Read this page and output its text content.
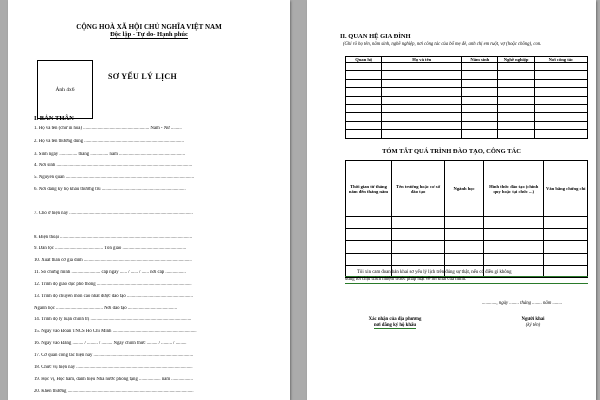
CỘNG HOÀ XÃ HỘI CHỦ NGHĨA VIỆT NAM
Độc lập - Tự do- Hạnh phúc
Ảnh 4x6
SƠ YẾU LÝ LỊCH
I. BẢN THÂN
1. Họ và tên (chữ in hoa) ....................................................... Nam - Nữ .........
2. Họ và tên thường dùng ...................................................................................
3. Sinh ngày ............... tháng ............... năm .......................................................
4. Nơi sinh .................................................................................................................
5. Nguyên quán ...........................................................................................................
6. Nơi đăng ký hộ khẩu thường trú ......................................................................
7. Chỗ ở hiện nay .......................................................................................................
8. Điện thoại ..............................................................................................................
9. Dân tộc ........................................ Tôn giáo .....................................................
10. Xuất thân cơ gia đình ..........................................................................................
11. Số chứng minh ........................ cấp ngày ...... / ...... / ...... nơi cấp .................
12. Trình độ giáo dục phổ thông ...............................................................................
13. Trình độ chuyên môn cao nhất được đào tạo .......................................................
Ngành học ....................................... Nơi đào tạo .........................................
14. Trình độ lý luận chính trị ....................................................................................
15. Ngày vào Đoàn TNCS Hồ Chí Minh ......................................................................
16. Ngày vào Đảng ......... / ......... / ......... Ngày chính thức ......... / ......... / .........
17. Cơ quan công tác hiện nay ...................................................................................
18. Chức vụ hiện nay .................................................................................................
19. Học vị, Học hàm, danh hiệu Nhà nước phong tặng .................. năm ..................
20. Khen thưởng .........................................................................................................
II. QUAN HỆ GIA ĐÌNH
(Ghi rõ họ tên, năm sinh, nghề nghiệp, nơi công tác của bố mẹ đẻ, anh chị em ruột, vợ (hoặc chồng), con.
Quan hệ	Họ và tên	Năm sinh	Nghề nghiệp	Nơi công tác

TÓM TẮT QUÁ TRÌNH ĐÀO TẠO, CÔNG TÁC
Thời gian từ tháng năm đến tháng năm	Tên trường hoặc cơ sở đào tạo	Ngành học	Hình thức đào tạo (chính quy hoặc tại chức ...)	Văn bằng chứng chỉ

Tôi xin cam đoan bản khai sơ yếu lý lịch trên đúng sự thật, nếu có điều gì không
đúng tôi chịu trách nhiệm trước pháp luật về lời khai của mình.
............, ngày ........ tháng ........ năm ........
Xác nhận của địa phương
nơi đăng ký hộ khẩu
Người khai
(ký tên)
